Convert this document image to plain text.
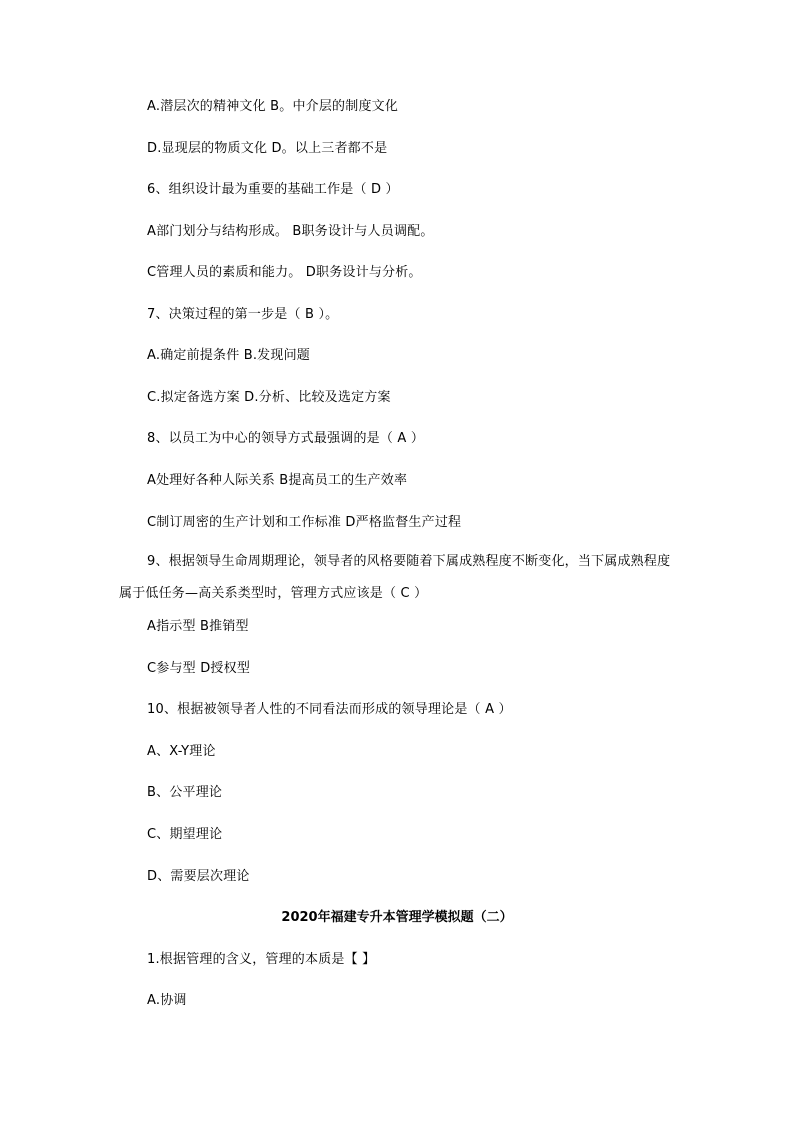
A.潜层次的精神文化 B。中介层的制度文化
D.显现层的物质文化 D。以上三者都不是
6、组织设计最为重要的基础工作是（ D ）
A部门划分与结构形成。 B职务设计与人员调配。
C管理人员的素质和能力。 D职务设计与分析。
7、决策过程的第一步是（ B ）。
A.确定前提条件 B.发现问题
C.拟定备选方案 D.分析、比较及选定方案
8、以员工为中心的领导方式最强调的是（ A ）
A处理好各种人际关系 B提高员工的生产效率
C制订周密的生产计划和工作标准 D严格监督生产过程

9、根据领导生命周期理论，领导者的风格要随着下属成熟程度不断变化，当下属成熟程度属于低任务—高关系类型时，管理方式应该是（ C ）

A指示型 B推销型
C参与型 D授权型
10、根据被领导者人性的不同看法而形成的领导理论是（ A ）
A、X-Y理论
B、公平理论
C、期望理论
D、需要层次理论
2020年福建专升本管理学模拟题（二）
1.根据管理的含义，管理的本质是【 】
A.协调
